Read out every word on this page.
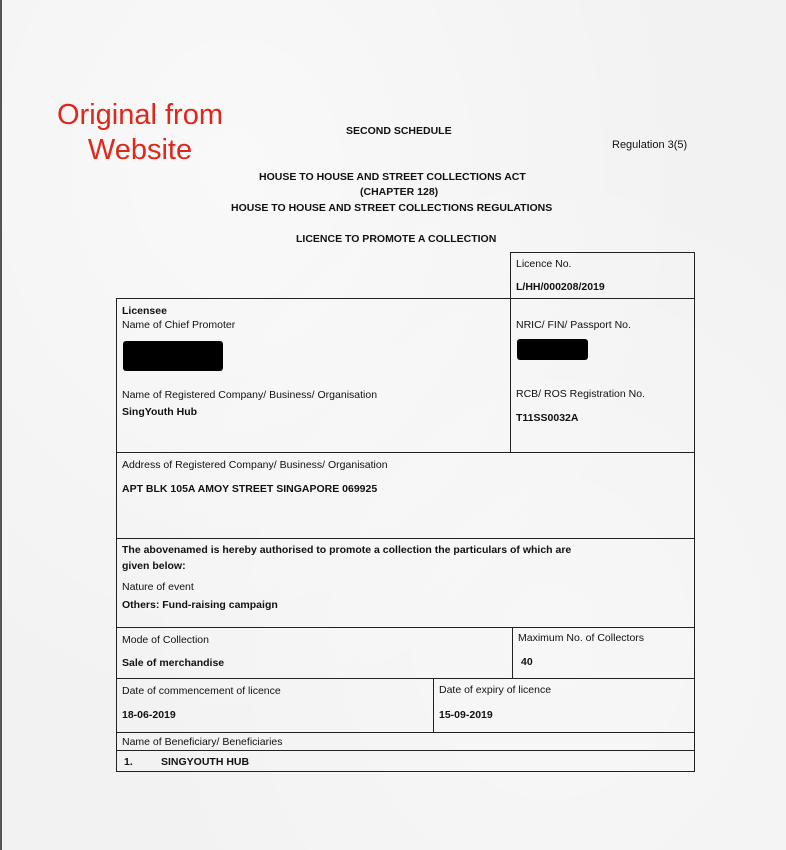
Original from
Website
SECOND SCHEDULE
Regulation 3(5)
HOUSE TO HOUSE AND STREET COLLECTIONS ACT
(CHAPTER 128)
HOUSE TO HOUSE AND STREET COLLECTIONS REGULATIONS
LICENCE TO PROMOTE A COLLECTION
Licence No.
L/HH/000208/2019
Licensee
Name of Chief Promoter	NRIC/ FIN/ Passport No.
Name of Registered Company/ Business/ Organisation
SingYouth Hub
RCB/ ROS Registration No.
T11SS0032A
Address of Registered Company/ Business/ Organisation
APT BLK 105A AMOY STREET SINGAPORE 069925
The abovenamed is hereby authorised to promote a collection the particulars of which are
given below:
Nature of event
Others: Fund-raising campaign
Mode of Collection
Sale of merchandise
Maximum No. of Collectors
40
Date of commencement of licence
18-06-2019
Date of expiry of licence
15-09-2019
Name of Beneficiary/ Beneficiaries
1.	SINGYOUTH HUB
